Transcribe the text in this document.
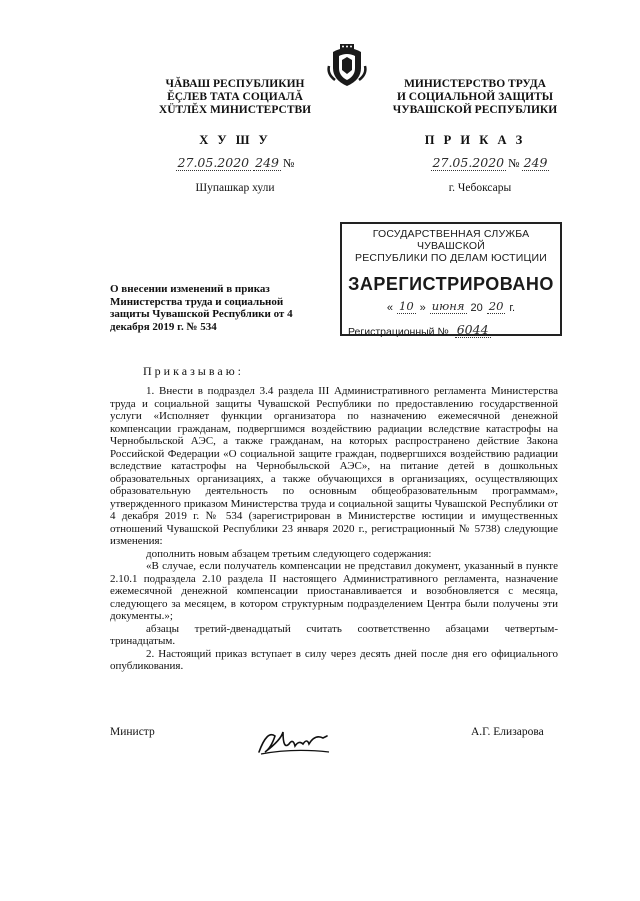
ЧĂВАШ РЕСПУБЛИКИН
ĔÇЛЕВ ТАТА СОЦИАЛĂ
ХÜТЛĔХ МИНИСТЕРСТВИ
МИНИСТЕРСТВО ТРУДА
И СОЦИАЛЬНОЙ ЗАЩИТЫ
ЧУВАШСКОЙ РЕСПУБЛИКИ
Х У Ш У	П Р И К А З
27.05.2020 249 №	27.05.2020 № 249
Шупашкар хули	г. Чебоксары
ГОСУДАРСТВЕННАЯ СЛУЖБА ЧУВАШСКОЙ
РЕСПУБЛИКИ ПО ДЕЛАМ ЮСТИЦИИ
ЗАРЕГИСТРИРОВАНО
« 10 » июня 20 20 г.
Регистрационный № 6044
О внесении изменений в приказ Министерства труда и социальной защиты Чувашской Республики от 4 декабря 2019 г. № 534
Приказываю:

1. Внести в подраздел 3.4 раздела III Административного регламента Министерства труда и социальной защиты Чувашской Республики по предоставлению государственной услуги «Исполняет функции организатора по назначению ежемесячной денежной компенсации гражданам, подвергшимся воздействию радиации вследствие катастрофы на Чернобыльской АЭС, а также гражданам, на которых распространено действие Закона Российской Федерации «О социальной защите граждан, подвергшихся воздействию радиации вследствие катастрофы на Чернобыльской АЭС», на питание детей в дошкольных образовательных организациях, а также обучающихся в организациях, осуществляющих образовательную деятельность по основным общеобразовательным программам», утвержденного приказом Министерства труда и социальной защиты Чувашской Республики от 4 декабря 2019 г. № 534 (зарегистрирован в Министерстве юстиции и имущественных отношений Чувашской Республики 23 января 2020 г., регистрационный № 5738) следующие изменения:

дополнить новым абзацем третьим следующего содержания:

«В случае, если получатель компенсации не представил документ, указанный в пункте 2.10.1 подраздела 2.10 раздела II настоящего Административного регламента, назначение ежемесячной денежной компенсации приостанавливается и возобновляется с месяца, следующего за месяцем, в котором структурным подразделением Центра были получены эти документы.»;

абзацы третий-двенадцатый считать соответственно абзацами четвертым-тринадцатым.

2. Настоящий приказ вступает в силу через десять дней после дня его официального опубликования.

Министр	А.Г. Елизарова
